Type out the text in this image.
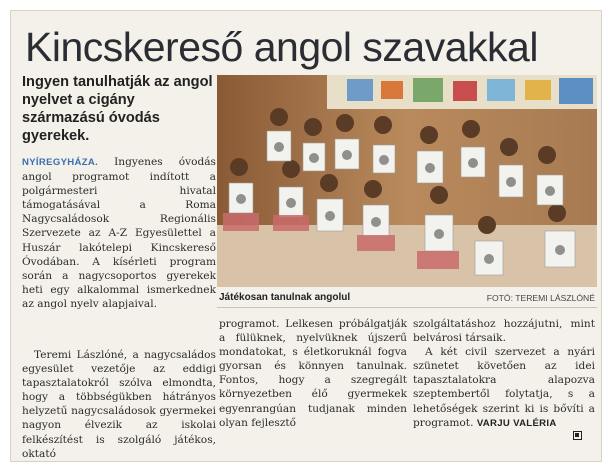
Kincskereső angol szavakkal
Ingyen tanulhatják az angol nyelvet a cigány származású óvodás gyerekek.

NYÍREGYHÁZA. Ingyenes óvodás angol programot indított a polgármesteri hivatal támogatásával a Roma Nagycsaládosok Regionális Szervezete az A-Z Egyesülettel a Huszár lakótelepi Kincskereső Óvodában. A kísérleti program során a nagycsoportos gyerekek heti egy alkalommal ismerkednek az angol nyelv alapjaival.

Teremi Lászlóné, a nagycsaládos egyesület vezetője az eddigi tapasztalatokról szólva elmondta, hogy a többségükben hátrányos helyzetű nagycsaládosok gyermekei nagyon élvezik az iskolai felkészítést is szolgáló játékos, oktató

Játékosan tanulnak angolul	FOTÓ: TEREMI LÁSZLÓNÉ

programot. Lelkesen próbálgatják a fülüknek, nyelvüknek újszerű mondatokat, s életkoruknál fogva gyorsan és könnyen tanulnak. Fontos, hogy a szegregált környezetben élő gyermekek egyenrangúan tudjanak minden olyan fejlesztő

szolgáltatáshoz hozzájutni, mint belvárosi társaik.

A két civil szervezet a nyári szünetet követően az idei tapasztalatokra alapozva szeptembertől folytatja, s a lehetőségek szerint ki is bővíti a programot. VARJU VALÉRIA
